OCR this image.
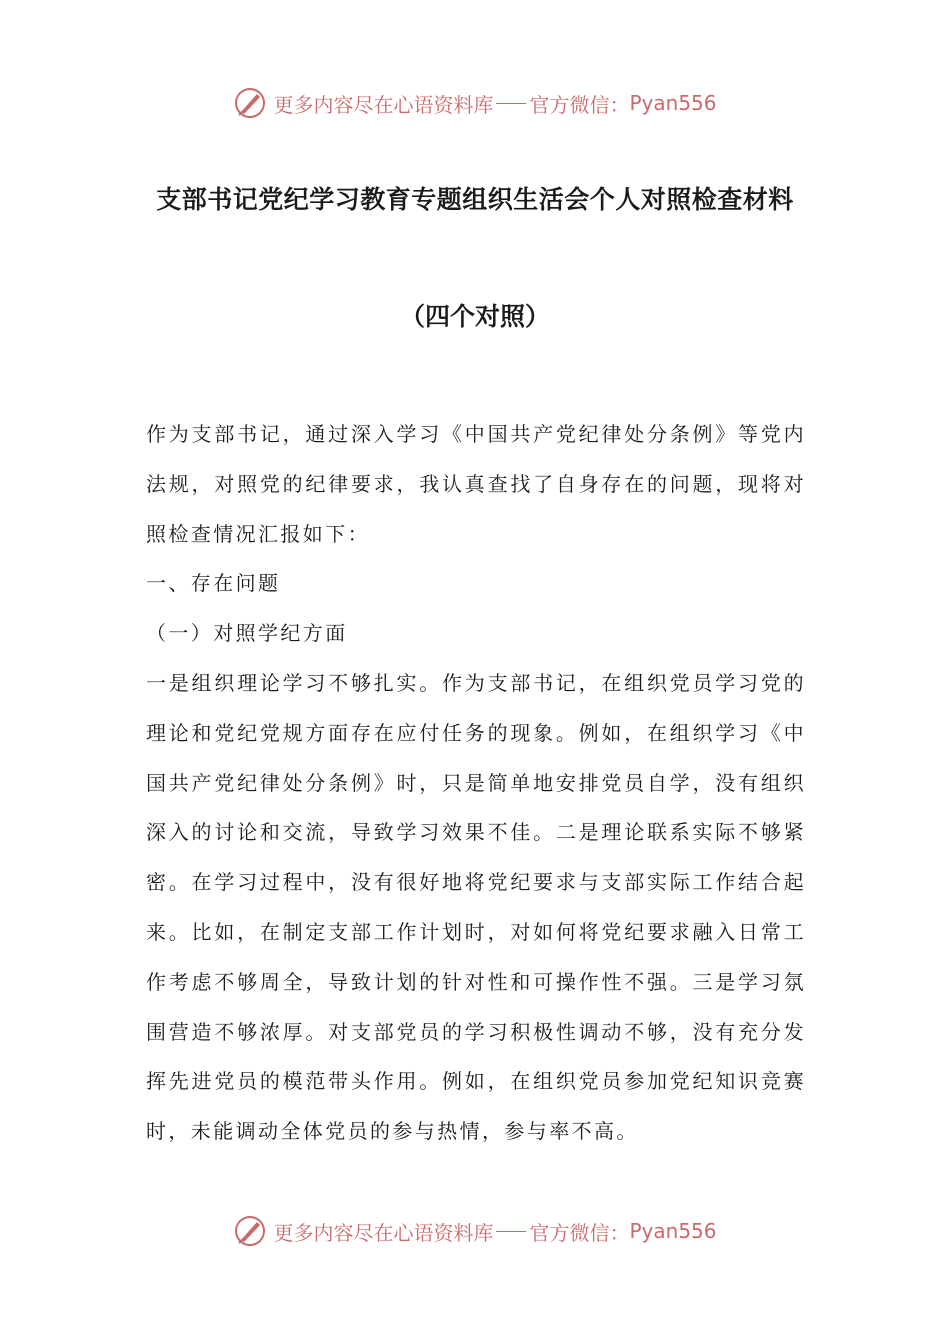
更多内容尽在心语资料库 官方微信： Pyan556
支部书记党纪学习教育专题组织生活会个人对照检查材料
（四个对照）

作为支部书记，通过深入学习《中国共产党纪律处分条例》等党内法规，对照党的纪律要求，我认真查找了自身存在的问题，现将对照检查情况汇报如下：

一、存在问题

（一）对照学纪方面

一是组织理论学习不够扎实。作为支部书记，在组织党员学习党的理论和党纪党规方面存在应付任务的现象。例如，在组织学习《中国共产党纪律处分条例》时，只是简单地安排党员自学，没有组织深入的讨论和交流，导致学习效果不佳。二是理论联系实际不够紧密。在学习过程中，没有很好地将党纪要求与支部实际工作结合起来。比如，在制定支部工作计划时，对如何将党纪要求融入日常工作考虑不够周全，导致计划的针对性和可操作性不强。三是学习氛围营造不够浓厚。对支部党员的学习积极性调动不够，没有充分发挥先进党员的模范带头作用。例如，在组织党员参加党纪知识竞赛时，未能调动全体党员的参与热情，参与率不高。

更多内容尽在心语资料库 官方微信： Pyan556
